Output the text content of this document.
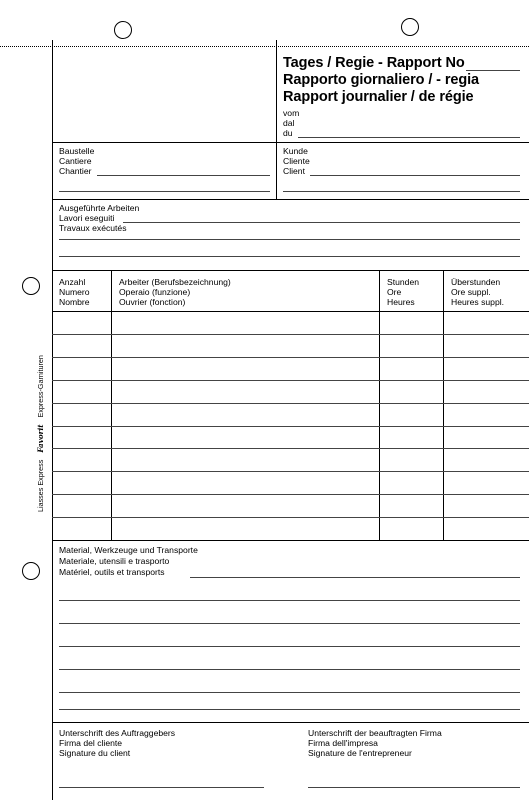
Liasses Express Favorit Express-Garnituren
Tages / Regie - Rapport No
Rapporto giornaliero / - regia
Rapport journalier / de régie
vom
dal
du
Baustelle
Cantiere
Chantier
Kunde
Cliente
Client
Ausgeführte Arbeiten
Lavori eseguiti
Travaux exécutés
Anzahl
Numero
Nombre
Arbeiter (Berufsbezeichnung)
Operaio (funzione)
Ouvrier (fonction)
Stunden
Ore
Heures
Überstunden
Ore suppl.
Heures suppl.
Material, Werkzeuge und Transporte
Materiale, utensili e trasporto
Matériel, outils et transports
Unterschrift des Auftraggebers
Firma del cliente
Signature du client
Unterschrift der beauftragten Firma
Firma dell'impresa
Signature de l'entrepreneur
